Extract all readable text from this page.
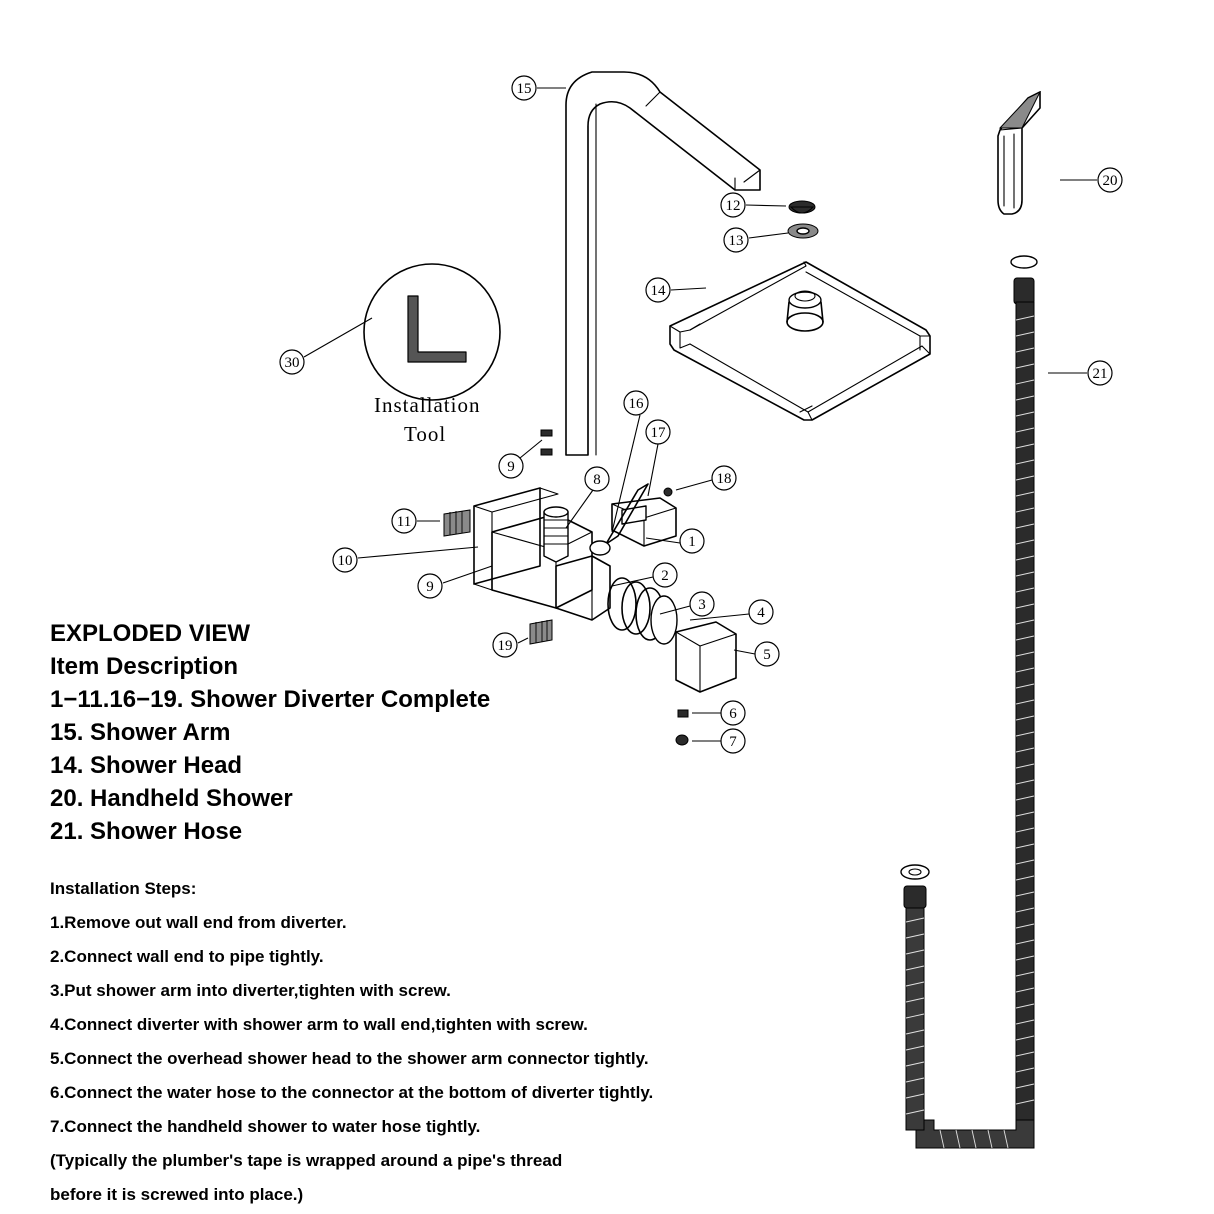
15
9
12
13
14
20
21
30
Installation
Tool
8
16
17
18
11
10
9
1
2
3	4
5
6
7
19
EXPLODED VIEW
Item Description
1−11.16−19. Shower Diverter Complete
15. Shower Arm
14. Shower Head
20. Handheld Shower
21. Shower Hose
Installation Steps:
1.Remove out wall end from diverter.
2.Connect wall end to pipe tightly.
3.Put shower arm into diverter,tighten with screw.
4.Connect diverter with shower arm to wall end,tighten with screw.
5.Connect the overhead shower head to the shower arm connector tightly.
6.Connect the water hose to the connector at the bottom of diverter tightly.
7.Connect the handheld shower to water hose tightly.
(Typically the plumber's tape is wrapped around a pipe's thread
before it is screwed into place.)
